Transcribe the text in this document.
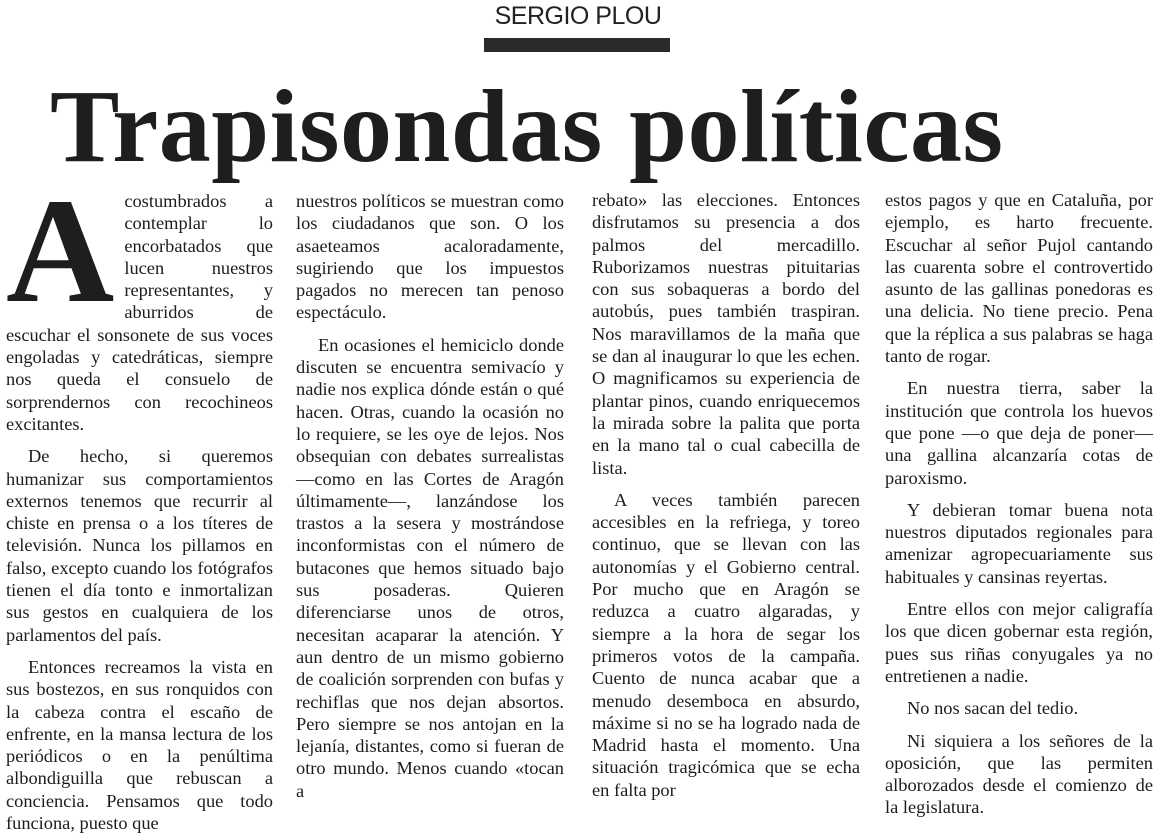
SERGIO PLOU
Trapisondas políticas
A costumbrados a contemplar lo encorbatados que lucen nuestros representantes, y aburridos de escuchar el sonsonete de sus voces engoladas y catedráticas, siempre nos queda el consuelo de sorprendernos con recochineos excitantes.

De hecho, si queremos humanizar sus comportamientos externos tenemos que recurrir al chiste en prensa o a los títeres de televisión. Nunca los pillamos en falso, excepto cuando los fotógrafos tienen el día tonto e inmortalizan sus gestos en cualquiera de los parlamentos del país.

Entonces recreamos la vista en sus bostezos, en sus ronquidos con la cabeza contra el escaño de enfrente, en la mansa lectura de los periódicos o en la penúltima albondiguilla que rebuscan a conciencia. Pensamos que todo funciona, puesto que

nuestros políticos se muestran como los ciudadanos que son. O los asaeteamos acaloradamente, sugiriendo que los impuestos pagados no merecen tan penoso espectáculo.

En ocasiones el hemiciclo donde discuten se encuentra semivacío y nadie nos explica dónde están o qué hacen. Otras, cuando la ocasión no lo requiere, se les oye de lejos. Nos obsequian con debates surrealistas —como en las Cortes de Aragón últimamente—, lanzándose los trastos a la sesera y mostrándose inconformistas con el número de butacones que hemos situado bajo sus posaderas. Quieren diferenciarse unos de otros, necesitan acaparar la atención. Y aun dentro de un mismo gobierno de coalición sorprenden con bufas y rechiflas que nos dejan absortos. Pero siempre se nos antojan en la lejanía, distantes, como si fueran de otro mundo. Menos cuando «tocan a

rebato» las elecciones. Entonces disfrutamos su presencia a dos palmos del mercadillo. Ruborizamos nuestras pituitarias con sus sobaqueras a bordo del autobús, pues también traspiran. Nos maravillamos de la maña que se dan al inaugurar lo que les echen. O magnificamos su experiencia de plantar pinos, cuando enriquecemos la mirada sobre la palita que porta en la mano tal o cual cabecilla de lista.

A veces también parecen accesibles en la refriega, y toreo continuo, que se llevan con las autonomías y el Gobierno central. Por mucho que en Aragón se reduzca a cuatro algaradas, y siempre a la hora de segar los primeros votos de la campaña. Cuento de nunca acabar que a menudo desemboca en absurdo, máxime si no se ha logrado nada de Madrid hasta el momento. Una situación tragicómica que se echa en falta por

estos pagos y que en Cataluña, por ejemplo, es harto frecuente. Escuchar al señor Pujol cantando las cuarenta sobre el controvertido asunto de las gallinas ponedoras es una delicia. No tiene precio. Pena que la réplica a sus palabras se haga tanto de rogar.

En nuestra tierra, saber la institución que controla los huevos que pone —o que deja de poner— una gallina alcanzaría cotas de paroxismo.

Y debieran tomar buena nota nuestros diputados regionales para amenizar agropecuariamente sus habituales y cansinas reyertas.

Entre ellos con mejor caligrafía los que dicen gobernar esta región, pues sus riñas conyugales ya no entretienen a nadie.

No nos sacan del tedio.

Ni siquiera a los señores de la oposición, que las permiten alborozados desde el comienzo de la legislatura.
